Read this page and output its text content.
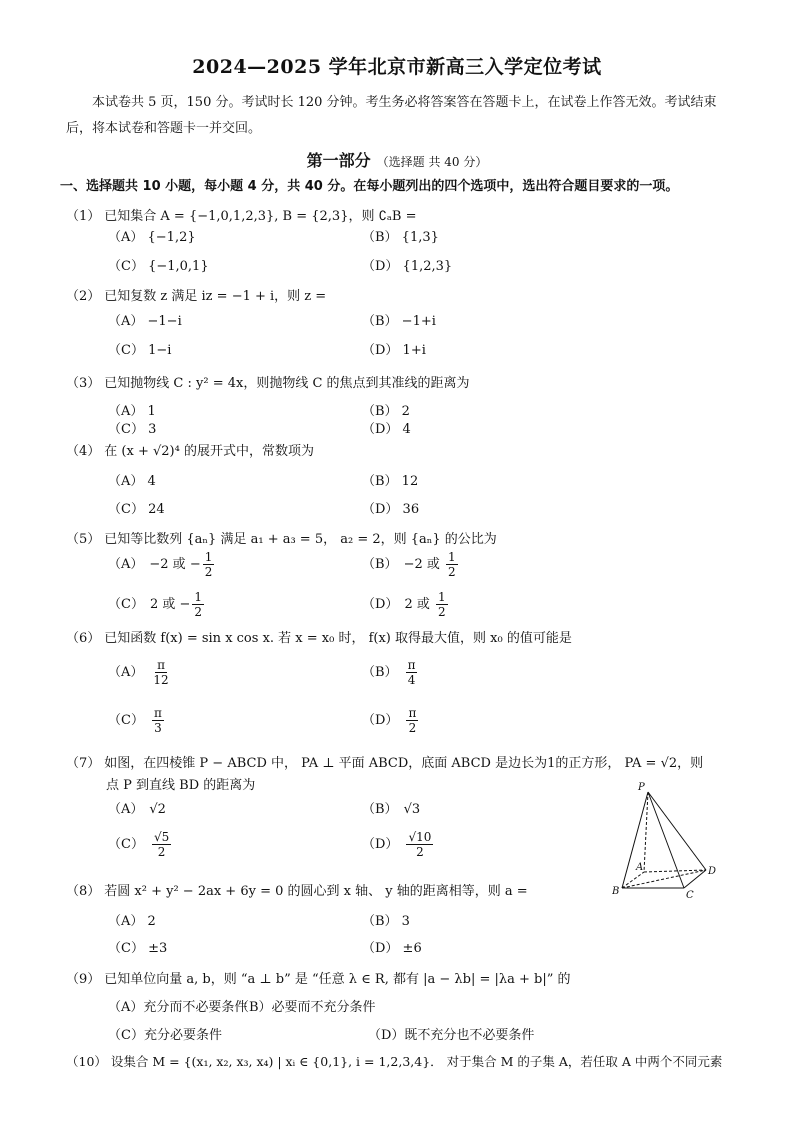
2024—2025 学年北京市新高三入学定位考试
本试卷共 5 页，150 分。考试时长 120 分钟。考生务必将答案答在答题卡上，在试卷上作答无效。考试结束后，将本试卷和答题卡一并交回。
第一部分 （选择题 共 40 分）
一、选择题共 10 小题，每小题 4 分，共 40 分。在每小题列出的四个选项中，选出符合题目要求的一项。
（1） 已知集合 A = {−1,0,1,2,3}, B = {2,3}，则 ∁ₐB =
（A） {−1,2}	（B） {1,3}
（C） {−1,0,1}	（D） {1,2,3}
（2） 已知复数 z 满足 iz = −1 + i，则 z =
（A） −1−i	（B） −1+i
（C） 1−i	（D） 1+i
（3） 已知抛物线 C : y² = 4x，则抛物线 C 的焦点到其准线的距离为
（A） 1	（B） 2
（C） 3	（D） 4
（4） 在 (x + √2)⁴ 的展开式中，常数项为
（A） 4	（B） 12
（C） 24	（D） 36
（5） 已知等比数列 {aₙ} 满足 a₁ + a₃ = 5， a₂ = 2，则 {aₙ} 的公比为
（A） −2 或 − $\frac{1}{2}$	（B） −2 或 $\frac{1}{2}$
（C） 2 或 − $\frac{1}{2}$	（D） 2 或 $\frac{1}{2}$
（6） 已知函数 f(x) = sin x cos x. 若 x = x₀ 时， f(x) 取得最大值，则 x₀ 的值可能是
$(A) \frac{\pi}{12}$	$(B) \frac{\pi}{4}$
$(C) \frac{\pi}{3}$	$(D) \frac{\pi}{2}$
（7） 如图，在四棱锥 P − ABCD 中， PA ⊥ 平面 ABCD，底面 ABCD 是边长为1的正方形， PA = √2，则
点 P 到直线 BD 的距离为
（A） √2	（B） √3
$(C) \frac{√5}{2}$	$(D) \frac{√10}{2}$
P
A
B	C
D
（8） 若圆 x² + y² − 2ax + 6y = 0 的圆心到 x 轴、 y 轴的距离相等，则 a =
（A） 2	（B） 3
（C） ±3	（D） ±6
（9） 已知单位向量 a, b，则 “a ⊥ b” 是 “任意 λ ∈ R, 都有 |a − λb| = |λa + b|” 的
（A）充分而不必要条件
（B）必要而不充分条件
（C）充分必要条件	（D）既不充分也不必要条件
（10） 设集合 M = {(x₁, x₂, x₃, x₄) | xᵢ ∈ {0,1}, i = 1,2,3,4}． 对于集合 M 的子集 A，若任取 A 中两个不同元素
